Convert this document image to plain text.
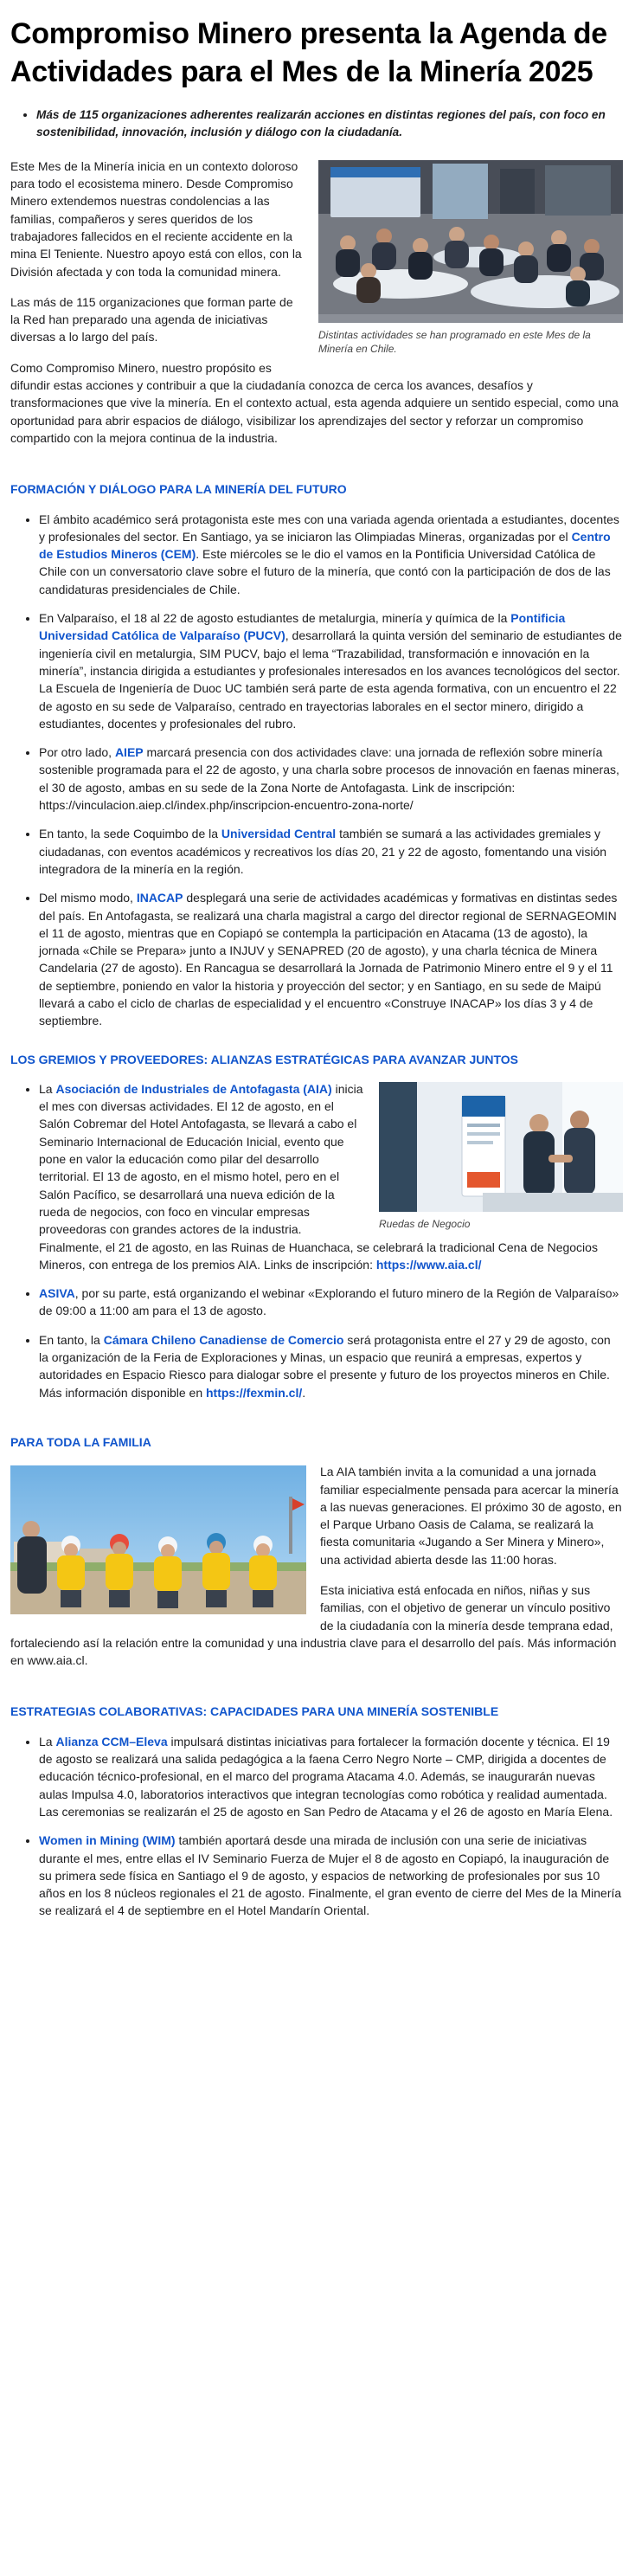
Compromiso Minero presenta la Agenda de Actividades para el Mes de la Minería 2025
• Más de 115 organizaciones adherentes realizarán acciones en distintas regiones del país, con foco en sostenibilidad, innovación, inclusión y diálogo con la ciudadanía.
Distintas actividades se han programado en este Mes de la Minería en Chile.

Este Mes de la Minería inicia en un contexto doloroso para todo el ecosistema minero. Desde Compromiso Minero extendemos nuestras condolencias a las familias, compañeros y seres queridos de los trabajadores fallecidos en el reciente accidente en la mina El Teniente. Nuestro apoyo está con ellos, con la División afectada y con toda la comunidad minera.

Las más de 115 organizaciones que forman parte de la Red han preparado una agenda de iniciativas diversas a lo largo del país.

Como Compromiso Minero, nuestro propósito es difundir estas acciones y contribuir a que la ciudadanía conozca de cerca los avances, desafíos y transformaciones que vive la minería. En el contexto actual, esta agenda adquiere un sentido especial, como una oportunidad para abrir espacios de diálogo, visibilizar los aprendizajes del sector y reforzar un compromiso compartido con la mejora continua de la industria.

FORMACIÓN Y DIÁLOGO PARA LA MINERÍA DEL FUTURO
• El ámbito académico será protagonista este mes con una variada agenda orientada a estudiantes, docentes y profesionales del sector. En Santiago, ya se iniciaron las Olimpiadas Mineras, organizadas por el Centro de Estudios Mineros (CEM). Este miércoles se le dio el vamos en la Pontificia Universidad Católica de Chile con un conversatorio clave sobre el futuro de la minería, que contó con la participación de dos de las candidaturas presidenciales de Chile.
• En Valparaíso, el 18 al 22 de agosto estudiantes de metalurgia, minería y química de la Pontificia Universidad Católica de Valparaíso (PUCV), desarrollará la quinta versión del seminario de estudiantes de ingeniería civil en metalurgia, SIM PUCV, bajo el lema “Trazabilidad, transformación e innovación en la minería”, instancia dirigida a estudiantes y profesionales interesados en los avances tecnológicos del sector. La Escuela de Ingeniería de Duoc UC también será parte de esta agenda formativa, con un encuentro el 22 de agosto en su sede de Valparaíso, centrado en trayectorias laborales en el sector minero, dirigido a estudiantes, docentes y profesionales del rubro.
• Por otro lado, AIEP marcará presencia con dos actividades clave: una jornada de reflexión sobre minería sostenible programada para el 22 de agosto, y una charla sobre procesos de innovación en faenas mineras, el 30 de agosto, ambas en su sede de la Zona Norte de Antofagasta. Link de inscripción: https://vinculacion.aiep.cl/index.php/inscripcion-encuentro-zona-norte/
• En tanto, la sede Coquimbo de la Universidad Central también se sumará a las actividades gremiales y ciudadanas, con eventos académicos y recreativos los días 20, 21 y 22 de agosto, fomentando una visión integradora de la minería en la región.
• Del mismo modo, INACAP desplegará una serie de actividades académicas y formativas en distintas sedes del país. En Antofagasta, se realizará una charla magistral a cargo del director regional de SERNAGEOMIN el 11 de agosto, mientras que en Copiapó se contempla la participación en Atacama (13 de agosto), la jornada «Chile se Prepara» junto a INJUV y SENAPRED (20 de agosto), y una charla técnica de Minera Candelaria (27 de agosto). En Rancagua se desarrollará la Jornada de Patrimonio Minero entre el 9 y el 11 de septiembre, poniendo en valor la historia y proyección del sector; y en Santiago, en su sede de Maipú llevará a cabo el ciclo de charlas de especialidad y el encuentro «Construye INACAP» los días 3 y 4 de septiembre.
LOS GREMIOS Y PROVEEDORES: ALIANZAS ESTRATÉGICAS PARA AVANZAR JUNTOS
• Ruedas de Negocio
La Asociación de Industriales de Antofagasta (AIA) inicia el mes con diversas actividades. El 12 de agosto, en el Salón Cobremar del Hotel Antofagasta, se llevará a cabo el Seminario Internacional de Educación Inicial, evento que pone en valor la educación como pilar del desarrollo territorial. El 13 de agosto, en el mismo hotel, pero en el Salón Pacífico, se desarrollará una nueva edición de la rueda de negocios, con foco en vincular empresas proveedoras con grandes actores de la industria. Finalmente, el 21 de agosto, en las Ruinas de Huanchaca, se celebrará la tradicional Cena de Negocios Mineros, con entrega de los premios AIA. Links de inscripción: https://www.aia.cl/
• ASIVA, por su parte, está organizando el webinar «Explorando el futuro minero de la Región de Valparaíso» de 09:00 a 11:00 am para el 13 de agosto.
• En tanto, la Cámara Chileno Canadiense de Comercio será protagonista entre el 27 y 29 de agosto, con la organización de la Feria de Exploraciones y Minas, un espacio que reunirá a empresas, expertos y autoridades en Espacio Riesco para dialogar sobre el presente y futuro de los proyectos mineros en Chile. Más información disponible en https://fexmin.cl/.
PARA TODA LA FAMILIA

La AIA también invita a la comunidad a una jornada familiar especialmente pensada para acercar la minería a las nuevas generaciones. El próximo 30 de agosto, en el Parque Urbano Oasis de Calama, se realizará la fiesta comunitaria «Jugando a Ser Minera y Minero», una actividad abierta desde las 11:00 horas.

Esta iniciativa está enfocada en niños, niñas y sus familias, con el objetivo de generar un vínculo positivo de la ciudadanía con la minería desde temprana edad, fortaleciendo así la relación entre la comunidad y una industria clave para el desarrollo del país. Más información en www.aia.cl.

ESTRATEGIAS COLABORATIVAS: CAPACIDADES PARA UNA MINERÍA SOSTENIBLE
• La Alianza CCM–Eleva impulsará distintas iniciativas para fortalecer la formación docente y técnica. El 19 de agosto se realizará una salida pedagógica a la faena Cerro Negro Norte – CMP, dirigida a docentes de educación técnico-profesional, en el marco del programa Atacama 4.0. Además, se inaugurarán nuevas aulas Impulsa 4.0, laboratorios interactivos que integran tecnologías como robótica y realidad aumentada. Las ceremonias se realizarán el 25 de agosto en San Pedro de Atacama y el 26 de agosto en María Elena.
• Women in Mining (WIM) también aportará desde una mirada de inclusión con una serie de iniciativas durante el mes, entre ellas el IV Seminario Fuerza de Mujer el 8 de agosto en Copiapó, la inauguración de su primera sede física en Santiago el 9 de agosto, y espacios de networking de profesionales por sus 10 años en los 8 núcleos regionales el 21 de agosto. Finalmente, el gran evento de cierre del Mes de la Minería se realizará el 4 de septiembre en el Hotel Mandarín Oriental.
